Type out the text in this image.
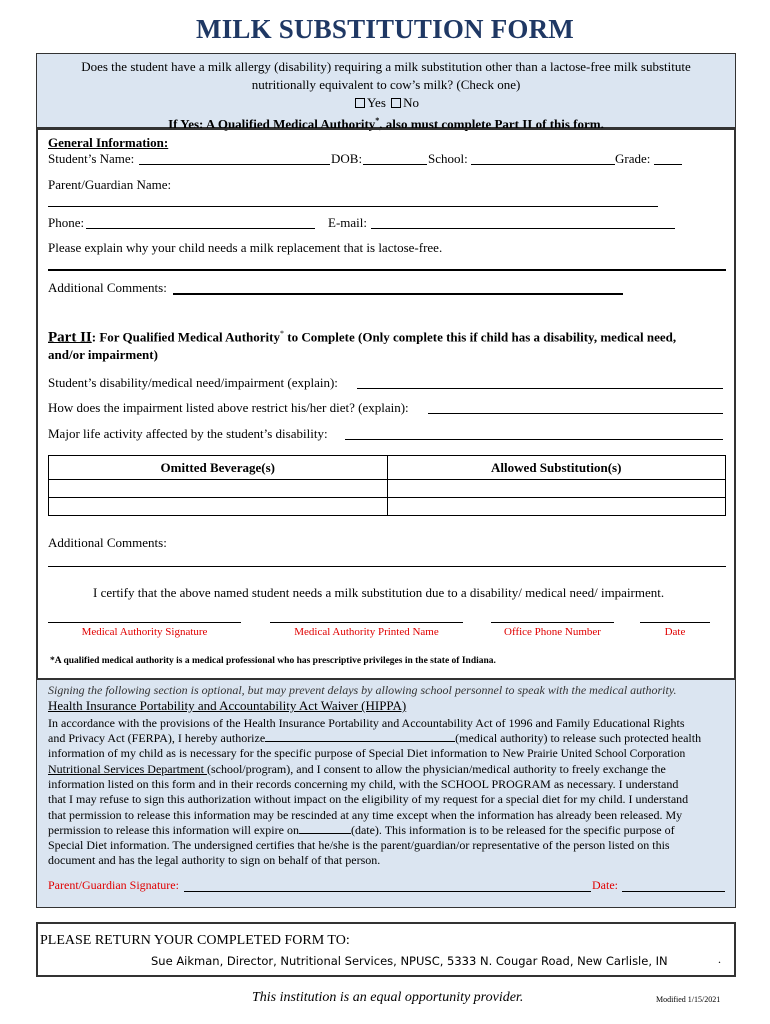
MILK SUBSTITUTION FORM
Does the student have a milk allergy (disability) requiring a milk substitution other than a lactose-free milk substitute
nutritionally equivalent to cow’s milk? (Check one)
Yes No
If Yes: A Qualified Medical Authority*, also must complete Part II of this form.
General Information:
Student’s Name:	DOB:	School:	Grade:
Parent/Guardian Name:
Phone:	E-mail:
Please explain why your child needs a milk replacement that is lactose-free.
Additional Comments:
Part II: For Qualified Medical Authority* to Complete (Only complete this if child has a disability, medical need,
and/or impairment)
Student’s disability/medical need/impairment (explain):
How does the impairment listed above restrict his/her diet? (explain):
Major life activity affected by the student’s disability:
Omitted Beverage(s)	Allowed Substitution(s)

Additional Comments:
I certify that the above named student needs a milk substitution due to a disability/ medical need/ impairment.
Medical Authority Signature	Medical Authority Printed Name	Office Phone Number	Date
*A qualified medical authority is a medical professional who has prescriptive privileges in the state of Indiana.
Signing the following section is optional, but may prevent delays by allowing school personnel to speak with the medical authority.
Health Insurance Portability and Accountability Act Waiver (HIPPA)
In accordance with the provisions of the Health Insurance Portability and Accountability Act of 1996 and Family Educational Rights
and Privacy Act (FERPA), I hereby authorize	(medical authority) to release such protected health
information of my child as is necessary for the specific purpose of Special Diet information to New Prairie United School Corporation
Nutritional Services Department (school/program), and I consent to allow the physician/medical authority to freely exchange the
information listed on this form and in their records concerning my child, with the SCHOOL PROGRAM as necessary. I understand
that I may refuse to sign this authorization without impact on the eligibility of my request for a special diet for my child. I understand
that permission to release this information may be rescinded at any time except when the information has already been released. My
permission to release this information will expire on	(date). This information is to be released for the specific purpose of
Special Diet information. The undersigned certifies that he/she is the parent/guardian/or representative of the person listed on this
document and has the legal authority to sign on behalf of that person.
Parent/Guardian Signature:	Date:
PLEASE RETURN YOUR COMPLETED FORM TO:
Sue Aikman, Director, Nutritional Services, NPUSC, 5333 N. Cougar Road, New Carlisle, IN	.
This institution is an equal opportunity provider.	Modified 1/15/2021
